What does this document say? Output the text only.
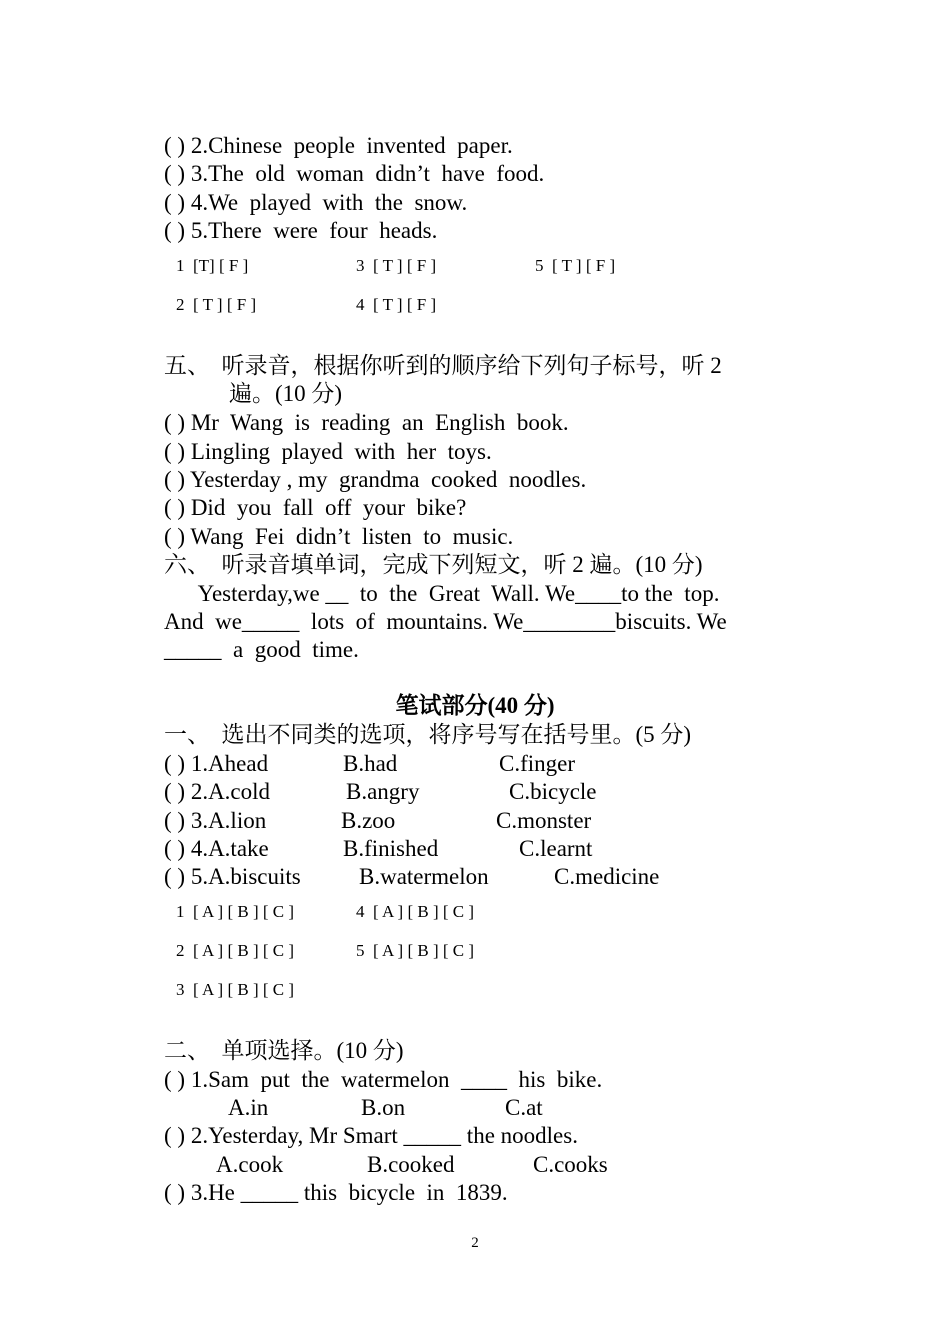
( ) 2.Chinese  people  invented  paper.
( ) 3.The  old  woman  didn’t  have  food.
( ) 4.We  played  with  the  snow.
( ) 5.There  were  four  heads.
1  [T] [ F ]	3  [ T ] [ F ]	5  [ T ] [ F ]
2  [ T ] [ F ]	4  [ T ] [ F ]
五、  听录音，根据你听到的顺序给下列句子标号，听 2
遍。(10 分)
( ) Mr  Wang  is  reading  an  English  book.
( ) Lingling  played  with  her  toys.
( ) Yesterday , my  grandma  cooked  noodles.
( ) Did  you  fall  off  your  bike?
( ) Wang  Fei  didn’t  listen  to  music.
六、  听录音填单词，完成下列短文，听 2 遍。(10 分)
Yesterday,we __  to  the  Great  Wall. We____to the  top.
And  we_____  lots  of  mountains. We________biscuits. We
_____  a  good  time.
笔试部分(40 分)
一、  选出不同类的选项，将序号写在括号里。(5 分)
( ) 1.Ahead	B.had	C.finger
( ) 2.A.cold	B.angry	C.bicycle
( ) 3.A.lion	B.zoo	C.monster
( ) 4.A.take	B.finished	C.learnt
( ) 5.A.biscuits	B.watermelon	C.medicine
1  [ A ] [ B ] [ C ]	4  [ A ] [ B ] [ C ]
2  [ A ] [ B ] [ C ]	5  [ A ] [ B ] [ C ]
3  [ A ] [ B ] [ C ]
二、  单项选择。(10 分)
( ) 1.Sam  put  the  watermelon  ____  his  bike.
A.in	B.on	C.at
( ) 2.Yesterday, Mr Smart _____ the noodles.
A.cook	B.cooked	C.cooks
( ) 3.He _____ this  bicycle  in  1839.
2
